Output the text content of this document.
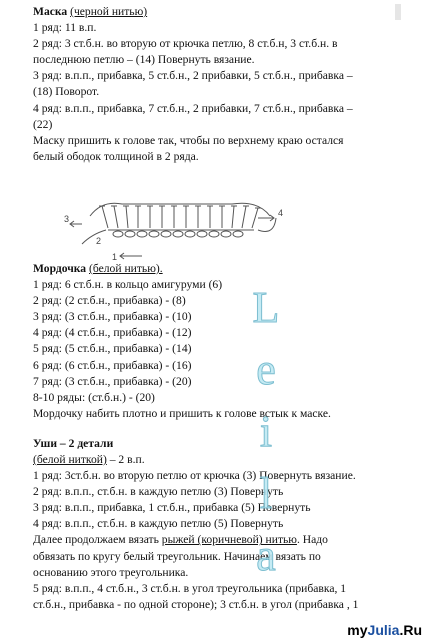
Маска (черной нитью)

1 ряд: 11 в.п.

2 ряд: 3 ст.б.н. во вторую от крючка петлю, 8 ст.б.н, 3 ст.б.н. в

последнюю петлю – (14) Повернуть вязание.

3 ряд: в.п.п., прибавка, 5 ст.б.н., 2 прибавки, 5 ст.б.н., прибавка –

(18) Поворот.

4 ряд: в.п.п., прибавка, 7 ст.б.н., 2 прибавки, 7 ст.б.н., прибавка –

(22)

Маску пришить к голове так, чтобы по верхнему краю остался

белый ободок толщиной в 2 ряда.

Мордочка (белой нитью).

1 ряд: 6 ст.б.н. в кольцо амигуруми (6)

2 ряд: (2 ст.б.н., прибавка) - (8)

3 ряд: (3 ст.б.н., прибавка) - (10)

4 ряд: (4 ст.б.н., прибавка) - (12)

5 ряд: (5 ст.б.н., прибавка) - (14)

6 ряд: (6 ст.б.н., прибавка) - (16)

7 ряд: (3 ст.б.н., прибавка) - (20)

8-10 ряды: (ст.б.н.) - (20)

Мордочку набить плотно и пришить к голове встык к маске.

Уши – 2 детали

(белой ниткой) – 2 в.п.

1 ряд: 3ст.б.н. во вторую петлю от крючка (3) Повернуть вязание.

2 ряд: в.п.п., ст.б.н. в каждую петлю (3) Повернуть

3 ряд: в.п.п., прибавка, 1 ст.б.н., прибавка (5) Повернуть

4 ряд: в.п.п., ст.б.н. в каждую петлю (5) Повернуть

Далее продолжаем вязать рыжей (коричневой) нитью. Надо

обвязать по кругу белый треугольник. Начинаем вязать по

основанию этого треугольника.

5 ряд: в.п.п., 4 ст.б.н., 3 ст.б.н. в угол треугольника (прибавка, 1

ст.б.н., прибавка - по одной стороне); 3 ст.б.н. в угол (прибавка , 1

3
4
2
1
L
e
i
l
a
myJulia.Ru
